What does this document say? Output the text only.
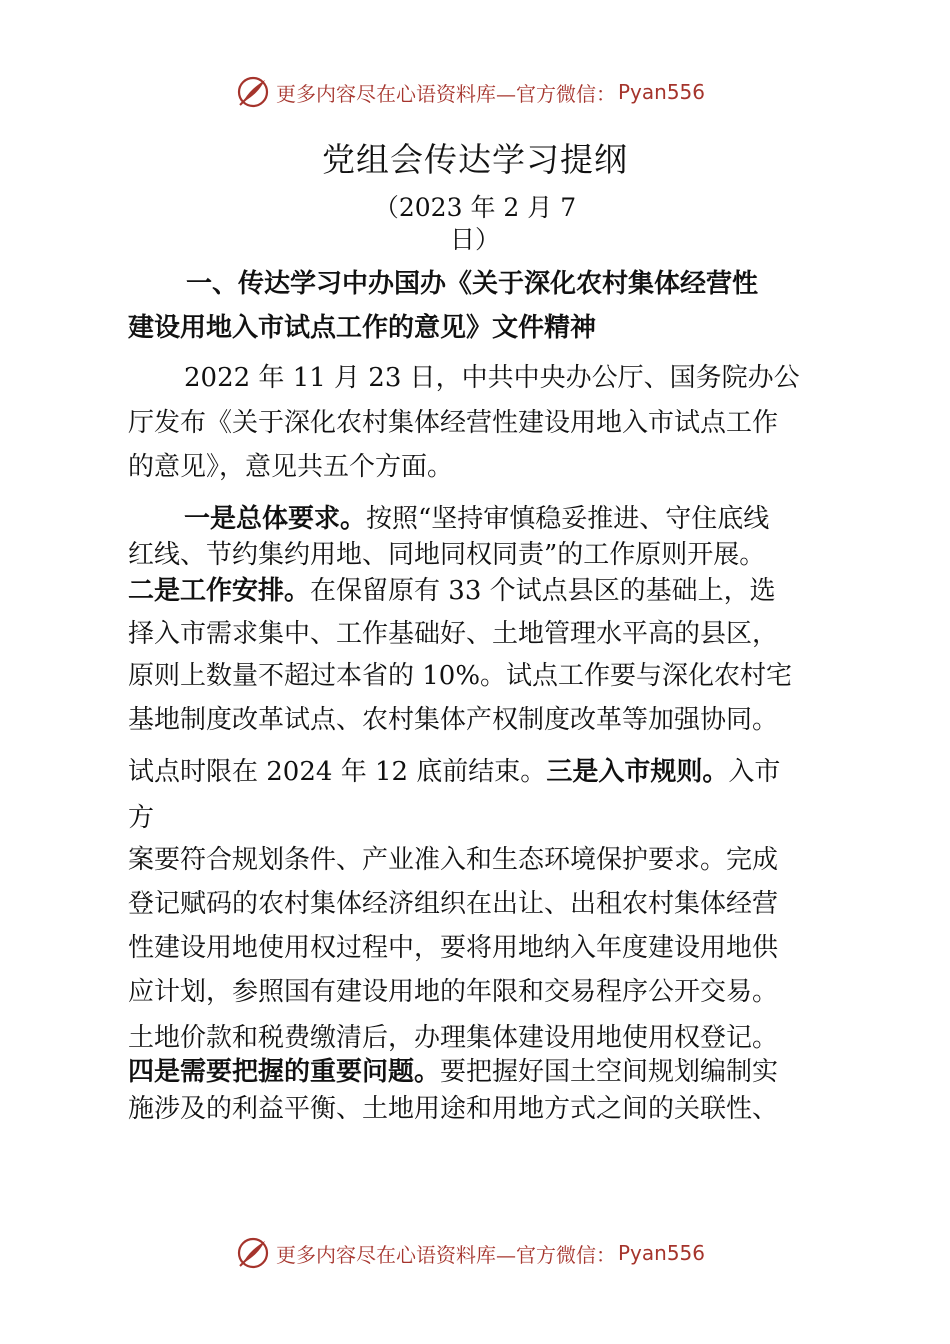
更多内容尽在心语资料库—官方微信： Pyan556
党组会传达学习提纲
（2023 年 2 月 7
日）
一、传达学习中办国办《关于深化农村集体经营性
建设用地入市试点工作的意见》文件精神
2022 年 11 月 23 日，中共中央办公厅、国务院办公
厅发布《关于深化农村集体经营性建设用地入市试点工作
的意见》，意见共五个方面。
一是总体要求。按照“坚持审慎稳妥推进、守住底线
红线、节约集约用地、同地同权同责”的工作原则开展。
二是工作安排。在保留原有 33 个试点县区的基础上，选
择入市需求集中、工作基础好、土地管理水平高的县区，
原则上数量不超过本省的 10%。试点工作要与深化农村宅
基地制度改革试点、农村集体产权制度改革等加强协同。
试点时限在 2024 年 12 底前结束。三是入市规则。入市
方
案要符合规划条件、产业准入和生态环境保护要求。完成
登记赋码的农村集体经济组织在出让、出租农村集体经营
性建设用地使用权过程中，要将用地纳入年度建设用地供
应计划，参照国有建设用地的年限和交易程序公开交易。
土地价款和税费缴清后，办理集体建设用地使用权登记。
四是需要把握的重要问题。要把握好国土空间规划编制实
施涉及的利益平衡、土地用途和用地方式之间的关联性、
更多内容尽在心语资料库—官方微信： Pyan556
